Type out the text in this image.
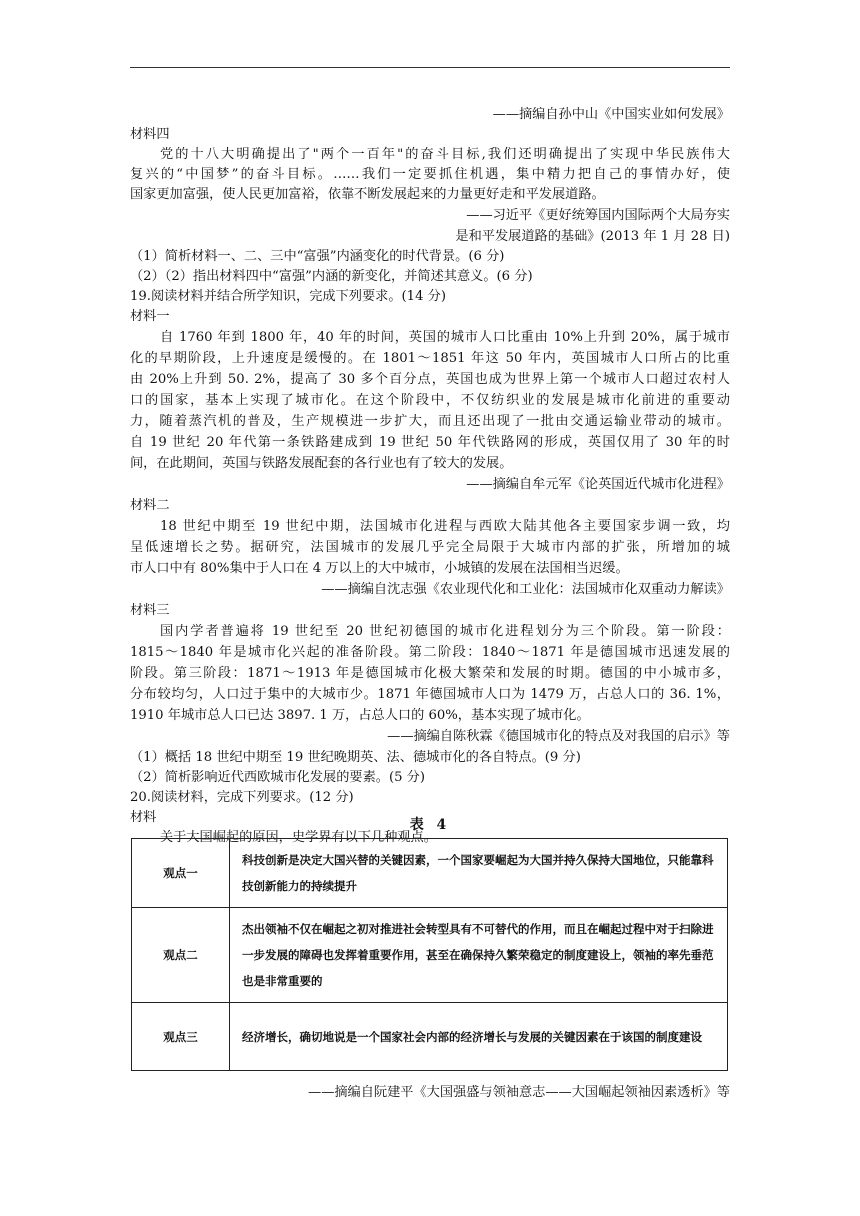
——摘编自孙中山《中国实业如何发展》
材料四
党的十八大明确提出了"两个一百年"的奋斗目标,我们还明确提出了实现中华民族伟大
复兴的“中国梦”的奋斗目标。……我们一定要抓住机遇，集中精力把自己的事情办好，使
国家更加富强，使人民更加富裕，依靠不断发展起来的力量更好走和平发展道路。
——习近平《更好统筹国内国际两个大局夯实
是和平发展道路的基础》(2013 年 1 月 28 日)
（1）简析材料一、二、三中“富强”内涵变化的时代背景。(6 分)
（2）（2）指出材料四中“富强”内涵的新变化，并简述其意义。(6 分)
19.阅读材料并结合所学知识，完成下列要求。(14 分)
材料一
自 1760 年到 1800 年，40 年的时间，英国的城市人口比重由 10%上升到 20%，属于城市
化的早期阶段，上升速度是缓慢的。在 1801～1851 年这 50 年内，英国城市人口所占的比重
由 20%上升到 50. 2%，提高了 30 多个百分点，英国也成为世界上第一个城市人口超过农村人
口的国家，基本上实现了城市化。在这个阶段中，不仅纺织业的发展是城市化前进的重要动
力，随着蒸汽机的普及，生产规模进一步扩大，而且还出现了一批由交通运输业带动的城市。
自 19 世纪 20 年代第一条铁路建成到 19 世纪 50 年代铁路网的形成，英国仅用了 30 年的时
间，在此期间，英国与铁路发展配套的各行业也有了较大的发展。
——摘编自牟元军《论英国近代城市化进程》
材料二
18 世纪中期至 19 世纪中期，法国城市化进程与西欧大陆其他各主要国家步调一致，均
呈低速增长之势。据研究，法国城市的发展几乎完全局限于大城市内部的扩张，所增加的城
市人口中有 80%集中于人口在 4 万以上的大中城市，小城镇的发展在法国相当迟缓。
——摘编自沈志强《农业现代化和工业化：法国城市化双重动力解读》
材料三
国内学者普遍将 19 世纪至 20 世纪初德国的城市化进程划分为三个阶段。第一阶段：
1815～1840 年是城市化兴起的准备阶段。第二阶段：1840～1871 年是德国城市迅速发展的
阶段。第三阶段：1871～1913 年是德国城市化极大繁荣和发展的时期。德国的中小城市多，
分布较均匀，人口过于集中的大城市少。1871 年德国城市人口为 1479 万，占总人口的 36. 1%，
1910 年城市总人口已达 3897. 1 万，占总人口的 60%，基本实现了城市化。
——摘编自陈秋霖《德国城市化的特点及对我国的启示》等
（1）概括 18 世纪中期至 19 世纪晚期英、法、德城市化的各自特点。(9 分)
（2）简析影响近代西欧城市化发展的要素。(5 分)
20.阅读材料，完成下列要求。(12 分)
材料
关于大国崛起的原因，史学界有以下几种观点。
表 4
观点一	科技创新是决定大国兴替的关键因素，一个国家要崛起为大国并持久保持大国地位，只能靠科技创新能力的持续提升
观点二	杰出领袖不仅在崛起之初对推进社会转型具有不可替代的作用，而且在崛起过程中对于扫除进一步发展的障碍也发挥着重要作用，甚至在确保持久繁荣稳定的制度建设上，领袖的率先垂范也是非常重要的
观点三	经济增长，确切地说是一个国家社会内部的经济增长与发展的关键因素在于该国的制度建设
——摘编自阮建平《大国强盛与领袖意志——大国崛起领袖因素透析》等
